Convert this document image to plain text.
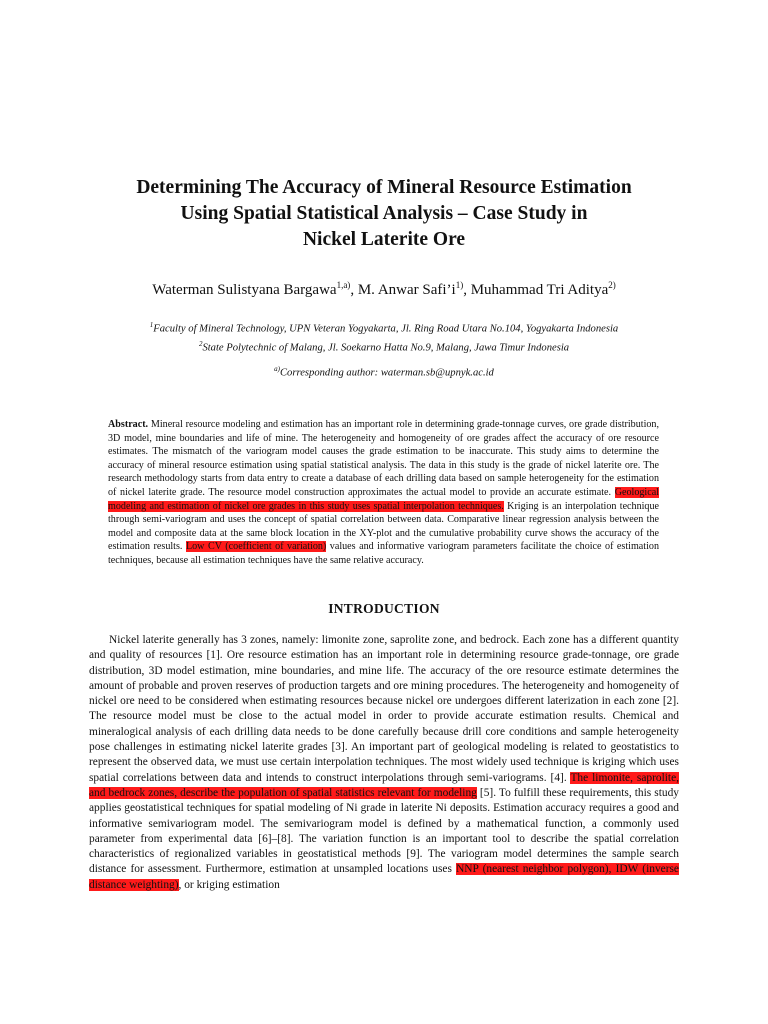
Determining The Accuracy of Mineral Resource Estimation
Using Spatial Statistical Analysis – Case Study in
Nickel Laterite Ore
Waterman Sulistyana Bargawa$^{1,a)}$, M. Anwar $Safi’i^{1)}$, Muhammad Tri Aditya$^{2)}$
$^1$Faculty of Mineral Technology, UPN Veteran Yogyakarta, Jl. Ring Road Utara No.104, Yogyakarta Indonesia
$^2$State Polytechnic of Malang, Jl. Soekarno Hatta No.9, Malang, Jawa Timur Indonesia
$^{a)}$Corresponding author: waterman.sb@upnyk.ac.id
Abstract. Mineral resource modeling and estimation has an important role in determining grade-tonnage curves, ore grade distribution, 3D model, mine boundaries and life of mine. The heterogeneity and homogeneity of ore grades affect the accuracy of ore resource estimates. The mismatch of the variogram model causes the grade estimation to be inaccurate. This study aims to determine the accuracy of mineral resource estimation using spatial statistical analysis. The data in this study is the grade of nickel laterite ore. The research methodology starts from data entry to create a database of each drilling data based on sample heterogeneity for the estimation of nickel laterite grade. The resource model construction approximates the actual model to provide an accurate estimate. Geological modeling and estimation of nickel ore grades in this study uses spatial interpolation techniques. Kriging is an interpolation technique through semi-variogram and uses the concept of spatial correlation between data. Comparative linear regression analysis between the model and composite data at the same block location in the XY-plot and the cumulative probability curve shows the accuracy of the estimation results. Low CV (coefficient of variation) values and informative variogram parameters facilitate the choice of estimation techniques, because all estimation techniques have the same relative accuracy.
INTRODUCTION
Nickel laterite generally has 3 zones, namely: limonite zone, saprolite zone, and bedrock. Each zone has a different quantity and quality of resources [1]. Ore resource estimation has an important role in determining resource grade-tonnage, ore grade distribution, 3D model estimation, mine boundaries, and mine life. The accuracy of the ore resource estimate determines the amount of probable and proven reserves of production targets and ore mining procedures. The heterogeneity and homogeneity of nickel ore need to be considered when estimating resources because nickel ore undergoes different laterization in each zone [2]. The resource model must be close to the actual model in order to provide accurate estimation results. Chemical and mineralogical analysis of each drilling data needs to be done carefully because drill core conditions and sample heterogeneity pose challenges in estimating nickel laterite grades [3]. An important part of geological modeling is related to geostatistics to represent the observed data, we must use certain interpolation techniques. The most widely used technique is kriging which uses spatial correlations between data and intends to construct interpolations through semi-variograms. [4]. The limonite, saprolite, and bedrock zones, describe the population of spatial statistics relevant for modeling [5]. To fulfill these requirements, this study applies geostatistical techniques for spatial modeling of Ni grade in laterite Ni deposits. Estimation accuracy requires a good and informative semivariogram model. The semivariogram model is defined by a mathematical function, a commonly used parameter from experimental data [6]–[8]. The variation function is an important tool to describe the spatial correlation characteristics of regionalized variables in geostatistical methods [9]. The variogram model determines the sample search distance for assessment. Furthermore, estimation at unsampled locations uses NNP (nearest neighbor polygon), IDW (inverse distance weighting), or kriging estimation
